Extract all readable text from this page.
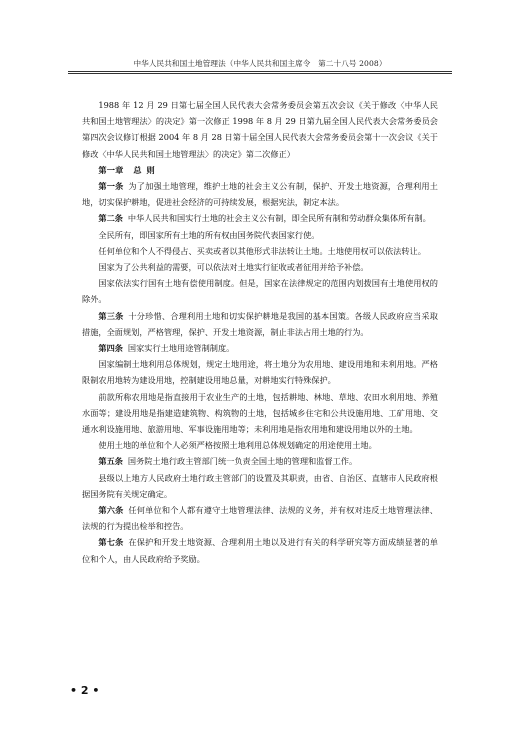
中华人民共和国土地管理法（中华人民共和国主席令　第二十八号 2008）

1988 年 12 月 29 日第七届全国人民代表大会常务委员会第五次会议《关于修改〈中华人民共和国土地管理法〉的决定》第一次修正 1998 年 8 月 29 日第九届全国人民代表大会常务委员会第四次会议修订根据 2004 年 8 月 28 日第十届全国人民代表大会常务委员会第十一次会议《关于修改〈中华人民共和国土地管理法〉的决定》第二次修正）

第一章 总则

第一条 为了加强土地管理，维护土地的社会主义公有制，保护、开发土地资源，合理利用土地，切实保护耕地，促进社会经济的可持续发展，根据宪法，制定本法。

第二条 中华人民共和国实行土地的社会主义公有制，即全民所有制和劳动群众集体所有制。

全民所有，即国家所有土地的所有权由国务院代表国家行使。

任何单位和个人不得侵占、买卖或者以其他形式非法转让土地。土地使用权可以依法转让。

国家为了公共利益的需要，可以依法对土地实行征收或者征用并给予补偿。

国家依法实行国有土地有偿使用制度。但是，国家在法律规定的范围内划拨国有土地使用权的除外。

第三条 十分珍惜、合理利用土地和切实保护耕地是我国的基本国策。各级人民政府应当采取措施，全面规划，严格管理，保护、开发土地资源，制止非法占用土地的行为。

第四条 国家实行土地用途管制制度。

国家编制土地利用总体规划，规定土地用途，将土地分为农用地、建设用地和未利用地。严格限制农用地转为建设用地，控制建设用地总量，对耕地实行特殊保护。

前款所称农用地是指直接用于农业生产的土地，包括耕地、林地、草地、农田水利用地、养殖水面等；建设用地是指建造建筑物、构筑物的土地，包括城乡住宅和公共设施用地、工矿用地、交通水利设施用地、旅游用地、军事设施用地等；未利用地是指农用地和建设用地以外的土地。

使用土地的单位和个人必须严格按照土地利用总体规划确定的用途使用土地。

第五条 国务院土地行政主管部门统一负责全国土地的管理和监督工作。

县级以上地方人民政府土地行政主管部门的设置及其职责，由省、自治区、直辖市人民政府根据国务院有关规定确定。

第六条 任何单位和个人都有遵守土地管理法律、法规的义务，并有权对违反土地管理法律、法规的行为提出检举和控告。

第七条 在保护和开发土地资源、合理利用土地以及进行有关的科学研究等方面成绩显著的单位和个人，由人民政府给予奖励。

• 2 •
